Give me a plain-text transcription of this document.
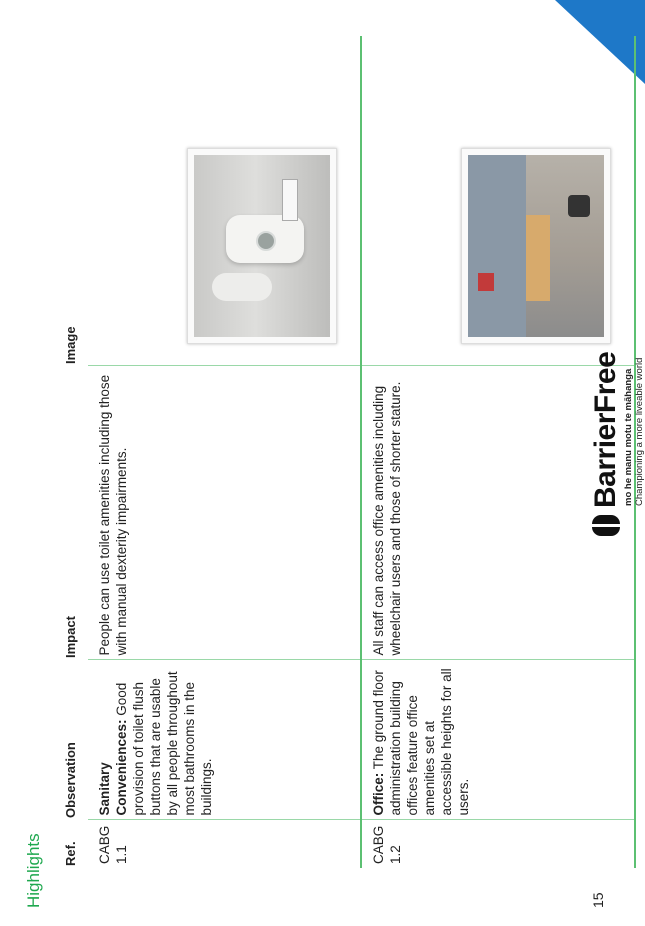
Highlights Ref.	Observation	Impact	Image
CABG 1.1	Sanitary Conveniences: Good provision of toilet flush buttons that are usable by all people throughout most bathrooms in the buildings.	People can use toilet amenities including those with manual dexterity impairments.	

CABG 1.2	Office: The ground floor administration building offices feature office amenities set at accessible heights for all users.	All staff can access office amenities including wheelchair users and those of shorter stature.	
15
BarrierFree mo he manu motu te māhanga Championing a more liveable world
